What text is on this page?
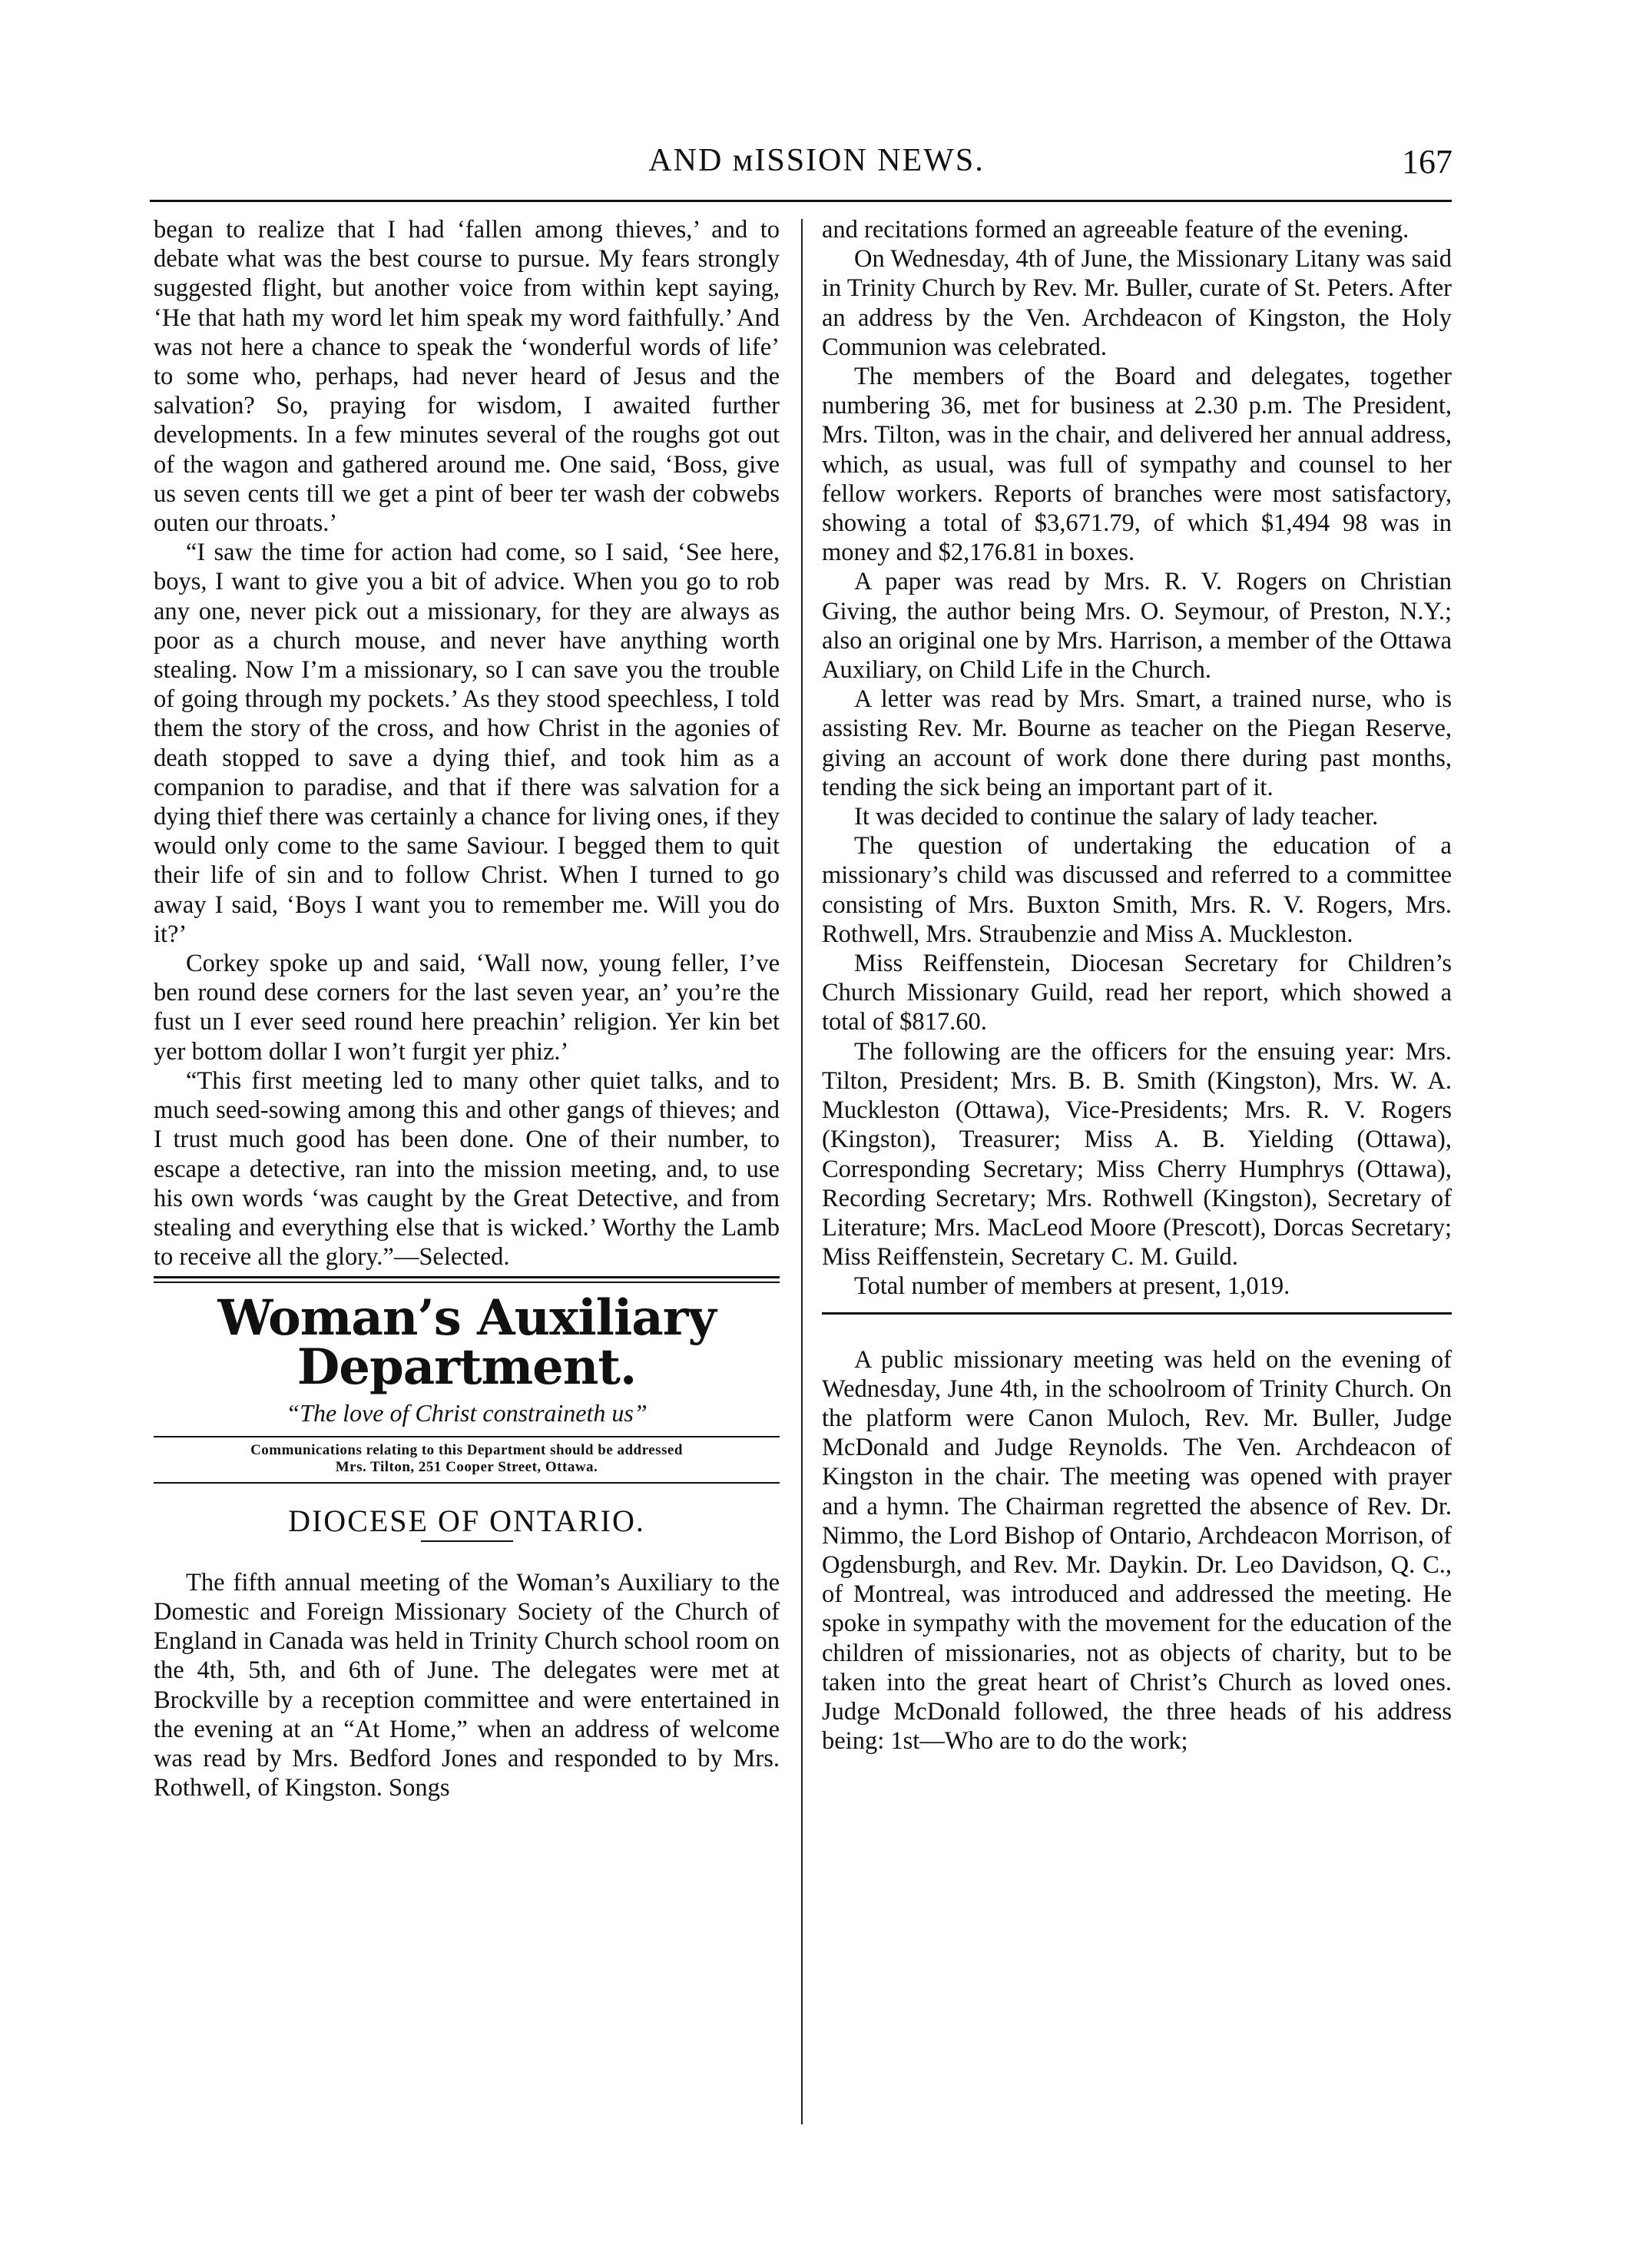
AND ᴍISSION NEWS.	167

began to realize that I had ‘fallen among thieves,’ and to debate what was the best course to pursue. My fears strongly suggested flight, but another voice from within kept saying, ‘He that hath my word let him speak my word faithfully.’ And was not here a chance to speak the ‘wonderful words of life’ to some who, perhaps, had never heard of Jesus and the salvation? So, praying for wisdom, I awaited further developments. In a few minutes several of the roughs got out of the wagon and gathered around me. One said, ‘Boss, give us seven cents till we get a pint of beer ter wash der cobwebs outen our throats.’

“I saw the time for action had come, so I said, ‘See here, boys, I want to give you a bit of advice. When you go to rob any one, never pick out a missionary, for they are always as poor as a church mouse, and never have anything worth stealing. Now I’m a missionary, so I can save you the trouble of going through my pockets.’ As they stood speechless, I told them the story of the cross, and how Christ in the agonies of death stopped to save a dying thief, and took him as a companion to paradise, and that if there was salvation for a dying thief there was certainly a chance for living ones, if they would only come to the same Saviour. I begged them to quit their life of sin and to follow Christ. When I turned to go away I said, ‘Boys I want you to remember me. Will you do it?’

Corkey spoke up and said, ‘Wall now, young feller, I’ve ben round dese corners for the last seven year, an’ you’re the fust un I ever seed round here preachin’ religion. Yer kin bet yer bottom dollar I won’t furgit yer phiz.’

“This first meeting led to many other quiet talks, and to much seed-sowing among this and other gangs of thieves; and I trust much good has been done. One of their number, to escape a detective, ran into the mission meeting, and, to use his own words ‘was caught by the Great Detective, and from stealing and everything else that is wicked.’ Worthy the Lamb to receive all the glory.”—Selected.

Woman’s Auxiliary Department.
“The love of Christ constraineth us”
Communications relating to this Department should be addressed
Mrs. Tilton, 251 Cooper Street, Ottawa.
DIOCESE OF ONTARIO.

The fifth annual meeting of the Woman’s Auxiliary to the Domestic and Foreign Missionary Society of the Church of England in Canada was held in Trinity Church school room on the 4th, 5th, and 6th of June. The delegates were met at Brockville by a reception committee and were entertained in the evening at an “At Home,” when an address of welcome was read by Mrs. Bedford Jones and responded to by Mrs. Rothwell, of Kingston. Songs

and recitations formed an agreeable feature of the evening.

On Wednesday, 4th of June, the Missionary Litany was said in Trinity Church by Rev. Mr. Buller, curate of St. Peters. After an address by the Ven. Archdeacon of Kingston, the Holy Communion was celebrated.

The members of the Board and delegates, together numbering 36, met for business at 2.30 p.m. The President, Mrs. Tilton, was in the chair, and delivered her annual address, which, as usual, was full of sympathy and counsel to her fellow workers. Reports of branches were most satisfactory, showing a total of $3,671.79, of which $1,494 98 was in money and $2,176.81 in boxes.

A paper was read by Mrs. R. V. Rogers on Christian Giving, the author being Mrs. O. Seymour, of Preston, N.Y.; also an original one by Mrs. Harrison, a member of the Ottawa Auxiliary, on Child Life in the Church.

A letter was read by Mrs. Smart, a trained nurse, who is assisting Rev. Mr. Bourne as teacher on the Piegan Reserve, giving an account of work done there during past months, tending the sick being an important part of it.

It was decided to continue the salary of lady teacher.

The question of undertaking the education of a missionary’s child was discussed and referred to a committee consisting of Mrs. Buxton Smith, Mrs. R. V. Rogers, Mrs. Rothwell, Mrs. Straubenzie and Miss A. Muckleston.

Miss Reiffenstein, Diocesan Secretary for Children’s Church Missionary Guild, read her report, which showed a total of $817.60.

The following are the officers for the ensuing year: Mrs. Tilton, President; Mrs. B. B. Smith (Kingston), Mrs. W. A. Muckleston (Ottawa), Vice-Presidents; Mrs. R. V. Rogers (Kingston), Treasurer; Miss A. B. Yielding (Ottawa), Corresponding Secretary; Miss Cherry Humphrys (Ottawa), Recording Secretary; Mrs. Rothwell (Kingston), Secretary of Literature; Mrs. MacLeod Moore (Prescott), Dorcas Secretary; Miss Reiffenstein, Secretary C. M. Guild.

Total number of members at present, 1,019.

A public missionary meeting was held on the evening of Wednesday, June 4th, in the schoolroom of Trinity Church. On the platform were Canon Muloch, Rev. Mr. Buller, Judge McDonald and Judge Reynolds. The Ven. Archdeacon of Kingston in the chair. The meeting was opened with prayer and a hymn. The Chairman regretted the absence of Rev. Dr. Nimmo, the Lord Bishop of Ontario, Archdeacon Morrison, of Ogdensburgh, and Rev. Mr. Daykin. Dr. Leo Davidson, Q. C., of Montreal, was introduced and addressed the meeting. He spoke in sympathy with the movement for the education of the children of missionaries, not as objects of charity, but to be taken into the great heart of Christ’s Church as loved ones. Judge McDonald followed, the three heads of his address being: 1st—Who are to do the work;
